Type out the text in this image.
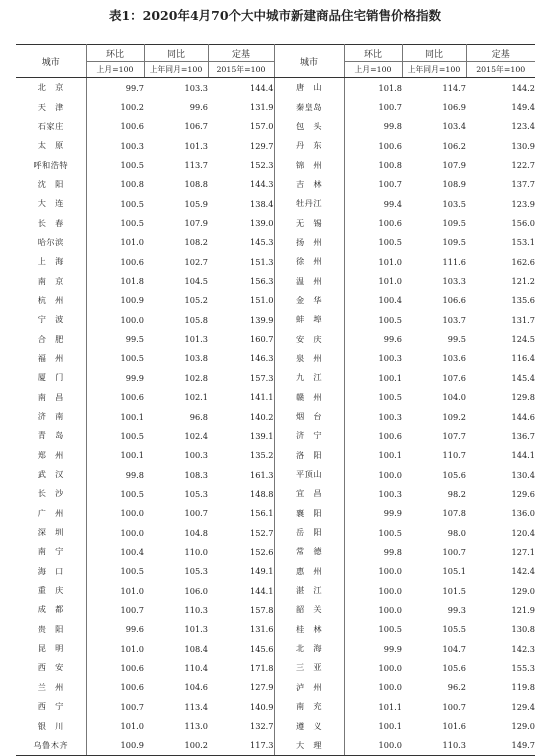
表1：2020年4月70个大中城市新建商品住宅销售价格指数
城市	环比	同比	定基	城市	环比	同比	定基
	上月=100	上年同月=100	2015年=100		上月=100	上年同月=100	2015年=100
北　京	99.7	103.3	144.4	唐　山	101.8	114.7	144.2
天　津	100.2	99.6	131.9	秦皇岛	100.7	106.9	149.4
石家庄	100.6	106.7	157.0	包　头	99.8	103.4	123.4
太　原	100.3	101.3	129.7	丹　东	100.6	106.2	130.9
呼和浩特	100.5	113.7	152.3	锦　州	100.8	107.9	122.7
沈　阳	100.8	108.8	144.3	吉　林	100.7	108.9	137.7
大　连	100.5	105.9	138.4	牡丹江	99.4	103.5	123.9
长　春	100.5	107.9	139.0	无　锡	100.6	109.5	156.0
哈尔滨	101.0	108.2	145.3	扬　州	100.5	109.5	153.1
上　海	100.6	102.7	151.3	徐　州	101.0	111.6	162.6
南　京	101.8	104.5	156.3	温　州	101.0	103.3	121.2
杭　州	100.9	105.2	151.0	金　华	100.4	106.6	135.6
宁　波	100.0	105.8	139.9	蚌　埠	100.5	103.7	131.7
合　肥	99.5	101.3	160.7	安　庆	99.6	99.5	124.5
福　州	100.5	103.8	146.3	泉　州	100.3	103.6	116.4
厦　门	99.9	102.8	157.3	九　江	100.1	107.6	145.4
南　昌	100.6	102.1	141.1	赣　州	100.5	104.0	129.8
济　南	100.1	96.8	140.2	烟　台	100.3	109.2	144.6
青　岛	100.5	102.4	139.1	济　宁	100.6	107.7	136.7
郑　州	100.1	100.3	135.2	洛　阳	100.1	110.7	144.1
武　汉	99.8	108.3	161.3	平顶山	100.0	105.6	130.4
长　沙	100.5	105.3	148.8	宜　昌	100.3	98.2	129.6
广　州	100.0	100.7	156.1	襄　阳	99.9	107.8	136.0
深　圳	100.0	104.8	152.7	岳　阳	100.5	98.0	120.4
南　宁	100.4	110.0	152.6	常　德	99.8	100.7	127.1
海　口	100.5	105.3	149.1	惠　州	100.0	105.1	142.4
重　庆	101.0	106.0	144.1	湛　江	100.0	101.5	129.0
成　都	100.7	110.3	157.8	韶　关	100.0	99.3	121.9
贵　阳	99.6	101.3	131.6	桂　林	100.5	105.5	130.8
昆　明	101.0	108.4	145.6	北　海	99.9	104.7	142.3
西　安	100.6	110.4	171.8	三　亚	100.0	105.6	155.3
兰　州	100.6	104.6	127.9	泸　州	100.0	96.2	119.8
西　宁	100.7	113.4	140.9	南　充	101.1	100.7	129.4
银　川	101.0	113.0	132.7	遵　义	100.1	101.6	129.0
乌鲁木齐	100.9	100.2	117.3	大　理	100.0	110.3	149.7
